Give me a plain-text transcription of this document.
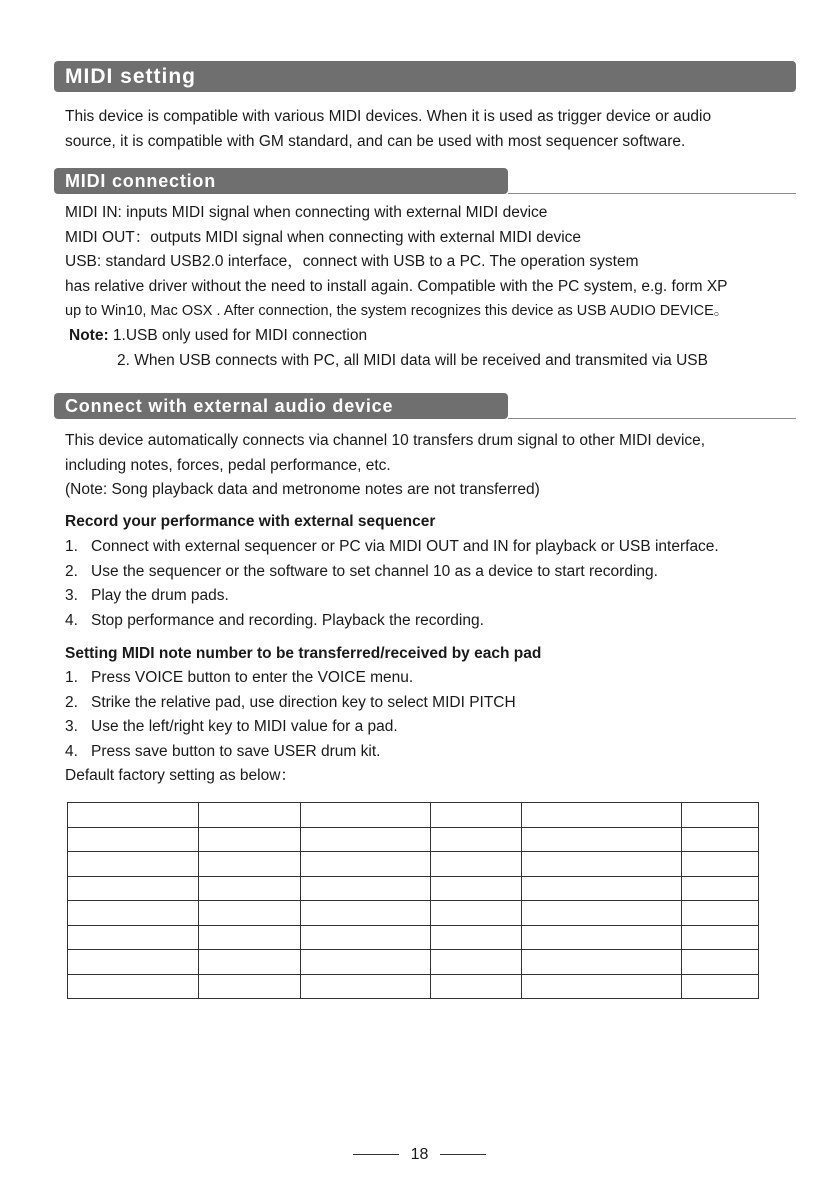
MIDI setting
This device is compatible with various MIDI devices. When it is used as trigger device or audio
source, it is compatible with GM standard, and can be used with most sequencer software.
MIDI connection
MIDI IN: inputs MIDI signal when connecting with external MIDI device
MIDI OUT：outputs MIDI signal when connecting with external MIDI device
USB: standard USB2.0 interface，connect with USB to a PC. The operation system
has relative driver without the need to install again. Compatible with the PC system, e.g. form XP
up to Win10, Mac OSX . After connection, the system recognizes this device as USB AUDIO DEVICE。
Note: 1.USB only used for MIDI connection
2. When USB connects with PC, all MIDI data will be received and transmited via USB
Connect with external audio device
This device automatically connects via channel 10 transfers drum signal to other MIDI device,
including notes, forces, pedal performance, etc.
(Note: Song playback data and metronome notes are not transferred)
Record your performance with external sequencer
1. Connect with external sequencer or PC via MIDI OUT and IN for playback or USB interface.
2. Use the sequencer or the software to set channel 10 as a device to start recording.
3. Play the drum pads.
4. Stop performance and recording. Playback the recording.
Setting MIDI note number to be transferred/received by each pad
1. Press VOICE button to enter the VOICE menu.
2. Strike the relative pad, use direction key to select MIDI PITCH
3. Use the left/right key to MIDI value for a pad.
4. Press save button to save USER drum kit.
Default factory setting as below：

18
